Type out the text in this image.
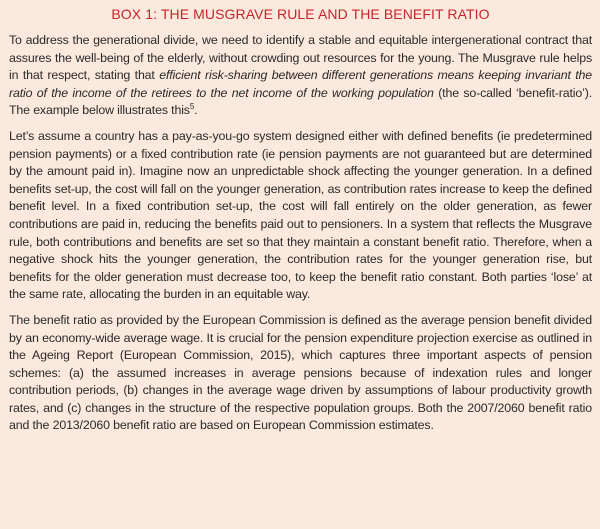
BOX 1: THE MUSGRAVE RULE AND THE BENEFIT RATIO

To address the generational divide, we need to identify a stable and equitable intergenerational contract that assures the well-being of the elderly, without crowding out resources for the young. The Musgrave rule helps in that respect, stating that efficient risk-sharing between different generations means keeping invariant the ratio of the income of the retirees to the net income of the working population (the so-called ‘benefit-ratio’). The example below illustrates this$^5$.

Let’s assume a country has a pay-as-you-go system designed either with defined benefits (ie predetermined pension payments) or a fixed contribution rate (ie pension payments are not guaranteed but are determined by the amount paid in). Imagine now an unpredictable shock affecting the younger generation. In a defined benefits set-up, the cost will fall on the younger generation, as contribution rates increase to keep the defined benefit level. In a fixed contribution set-up, the cost will fall entirely on the older generation, as fewer contributions are paid in, reducing the benefits paid out to pensioners. In a system that reflects the Musgrave rule, both contributions and benefits are set so that they maintain a constant benefit ratio. Therefore, when a negative shock hits the younger generation, the contribution rates for the younger generation rise, but benefits for the older generation must decrease too, to keep the benefit ratio constant. Both parties ‘lose’ at the same rate, allocating the burden in an equitable way.

The benefit ratio as provided by the European Commission is defined as the average pension benefit divided by an economy-wide average wage. It is crucial for the pension expenditure projection exercise as outlined in the Ageing Report (European Commission, 2015), which captures three important aspects of pension schemes: (a) the assumed increases in average pensions because of indexation rules and longer contribution periods, (b) changes in the average wage driven by assumptions of labour productivity growth rates, and (c) changes in the structure of the respective population groups. Both the 2007/2060 benefit ratio and the 2013/2060 benefit ratio are based on European Commission estimates.
